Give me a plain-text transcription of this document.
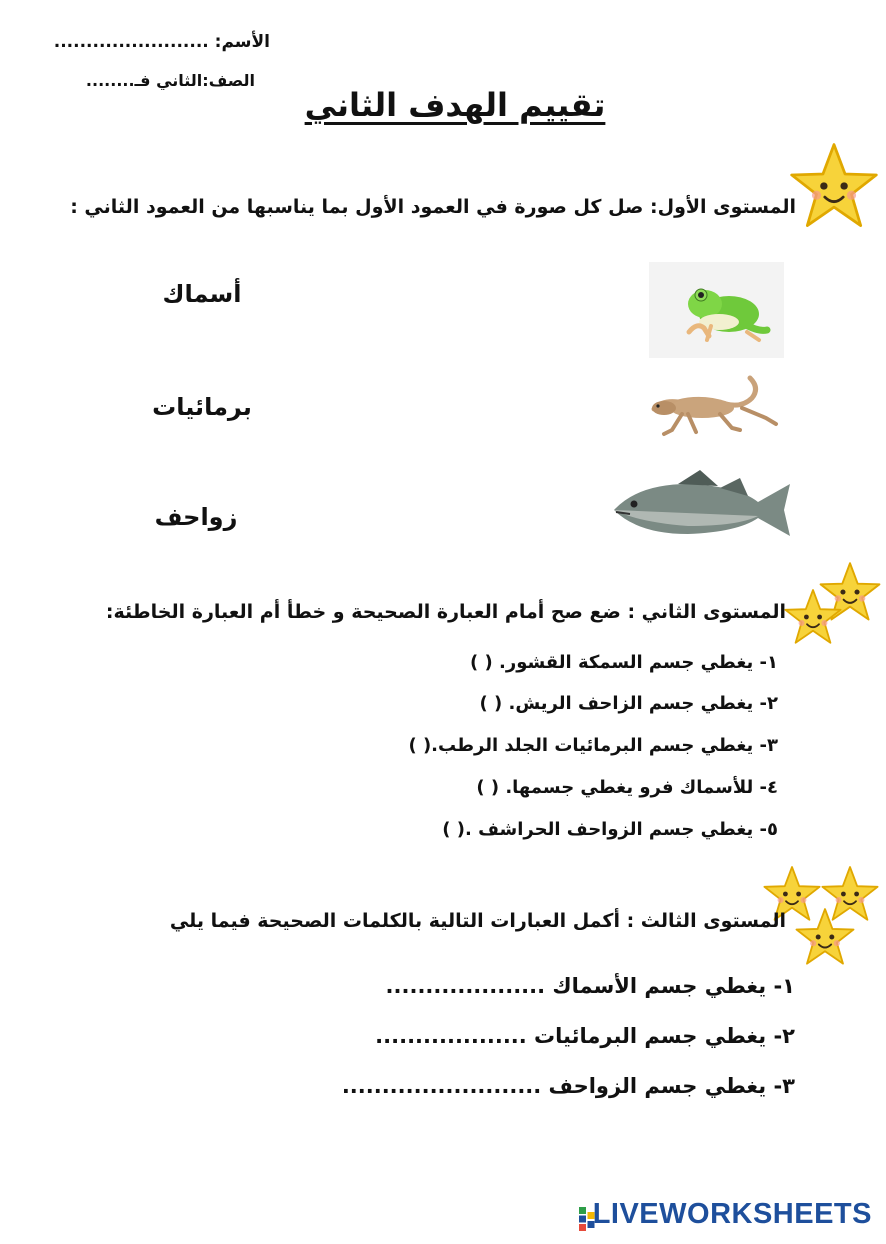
الأسم: ........................
الصف:الثاني فـ........
تقييم الهدف الثاني
المستوى الأول: صل كل صورة في العمود الأول بما يناسبها من العمود الثاني :
أسماك
برمائيات
زواحف
المستوى الثاني : ضع صح أمام العبارة الصحيحة و خطأ أم العبارة الخاطئة:
١- يغطي جسم السمكة القشور. ( )
٢- يغطي جسم الزاحف الريش. ( )
٣- يغطي جسم البرمائيات الجلد الرطب.( )
٤- للأسماك فرو يغطي جسمها. ( )
٥- يغطي جسم الزواحف الحراشف .( )
المستوى الثالث : أكمل العبارات التالية بالكلمات الصحيحة فيما يلي
١- يغطي جسم الأسماك ....................
٢- يغطي جسم البرمائيات ...................
٣- يغطي جسم الزواحف .........................
LIVEWORKSHEETS
